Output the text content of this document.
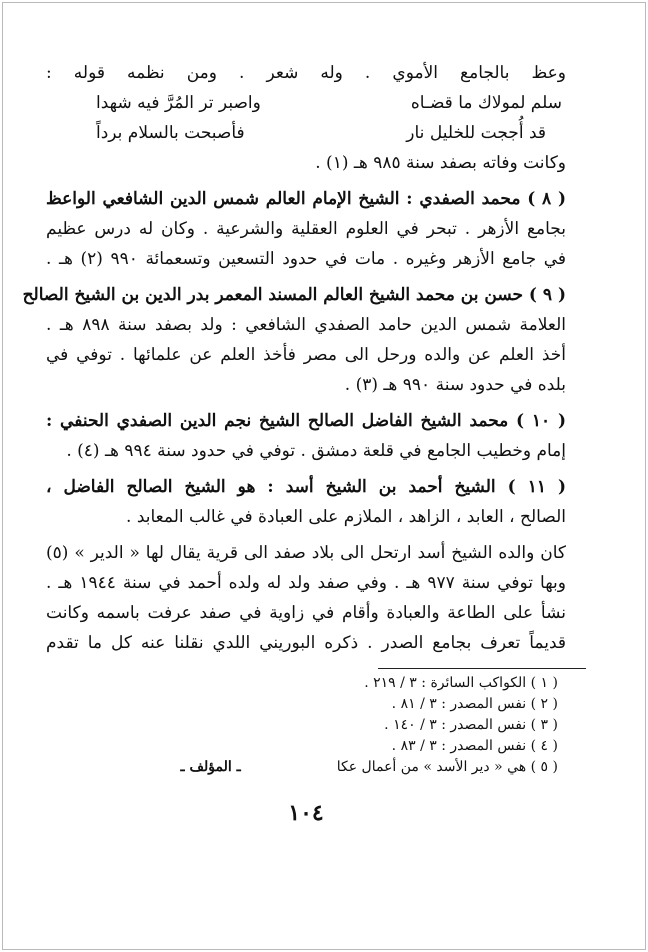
وعظ بالجامع الأموي . وله شعر . ومن نظمه قوله :
سلم لمولاك ما قضـاه
واصبر تر المُرَّ فيه شهدا
قد أُججت للخليل نار
فأصبحت بالسلام برداً
وكانت وفاته بصفد سنة ٩٨٥ هـ (١) .
( ٨ ) محمد الصفدي : الشيخ الإمام العالم شمس الدين الشافعي الواعظ
بجامع الأزهر . تبحر في العلوم العقلية والشرعية . وكان له درس عظيم
في جامع الأزهر وغيره . مات في حدود التسعين وتسعمائة ٩٩٠ (٢) هـ .
( ٩ ) حسن بن محمد الشيخ العالم المسند المعمر بدر الدين بن الشيخ الصالح
العلامة شمس الدين حامد الصفدي الشافعي : ولد بصفد سنة ٨٩٨ هـ .
أخذ العلم عن والده ورحل الى مصر فأخذ العلم عن علمائها . توفي في
بلده في حدود سنة ٩٩٠ هـ (٣) .
( ١٠ ) محمد الشيخ الفاضل الصالح الشيخ نجم الدين الصفدي الحنفي :
إمام وخطيب الجامع في قلعة دمشق . توفي في حدود سنة ٩٩٤ هـ (٤) .
( ١١ ) الشيخ أحمد بن الشيخ أسد : هو الشيخ الصالح الفاضل ،
الصالح ، العابد ، الزاهد ، الملازم على العبادة في غالب المعابد .
كان والده الشيخ أسد ارتحل الى بلاد صفد الى قرية يقال لها « الدير » (٥)
وبها توفي سنة ٩٧٧ هـ . وفي صفد ولد له ولده أحمد في سنة ١٩٤٤ هـ .
نشأ على الطاعة والعبادة وأقام في زاوية في صفد عرفت باسمه وكانت
قديماً تعرف بجامع الصدر . ذكره البوريني اللدي نقلنا عنه كل ما تقدم
( ١ ) الكواكب السائرة : ٣ / ٢١٩ .
( ٢ ) نفس المصدر : ٣ / ٨١ .
( ٣ ) نفس المصدر : ٣ / ١٤٠ .
( ٤ ) نفس المصدر : ٣ / ٨٣ .
( ٥ ) هي « دير الأسد » من أعمال عكا
ـ المؤلف ـ
١٠٤
